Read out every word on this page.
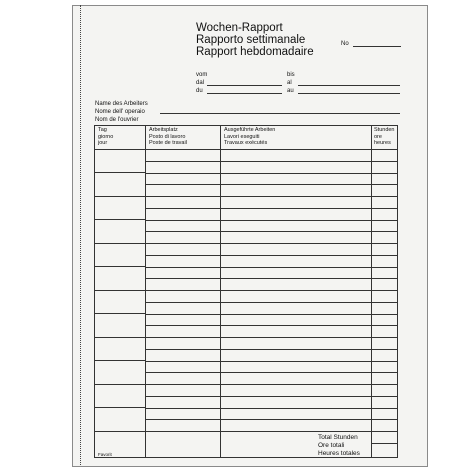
Wochen-Rapport
Rapporto settimanale
Rapport hebdomadaire
No
vom
dal
du
bis
al
au
Name des Arbeiters
Nome dell' operaio
Nom de l'ouvrier
Tag
giorno
jour
Arbeitsplatz
Posto di lavoro
Poste de travail
Ausgeführte Arbeiten
Lavori eseguiti
Travaux exécutés
Stunden
ore
heures
Total Stunden
Ore totali
Heures totales
Favorit
